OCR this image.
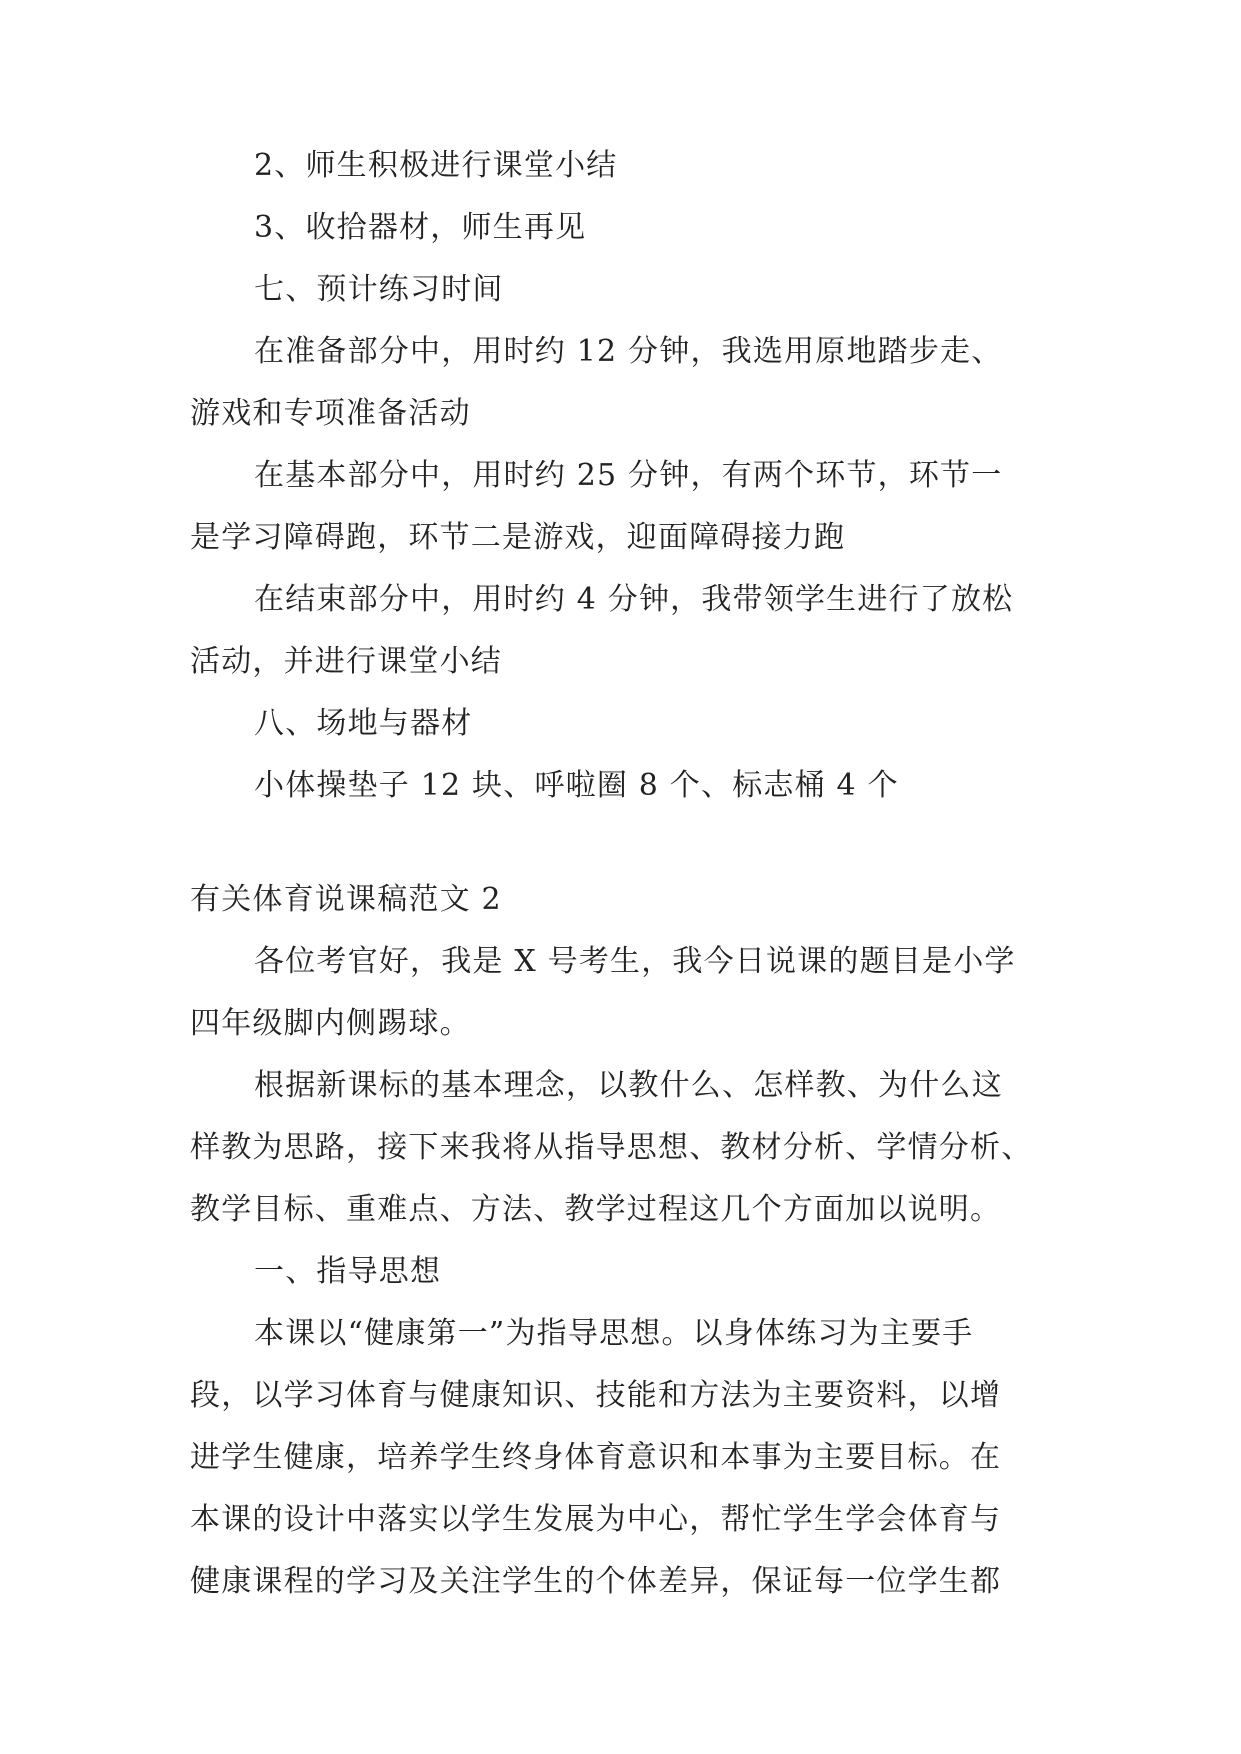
2、师生积极进行课堂小结
3、收拾器材，师生再见
七、预计练习时间
在准备部分中，用时约 12 分钟，我选用原地踏步走、
游戏和专项准备活动
在基本部分中，用时约 25 分钟，有两个环节，环节一
是学习障碍跑，环节二是游戏，迎面障碍接力跑
在结束部分中，用时约 4 分钟，我带领学生进行了放松
活动，并进行课堂小结
八、场地与器材
小体操垫子 12 块、呼啦圈 8 个、标志桶 4 个
有关体育说课稿范文 2
各位考官好，我是 X 号考生，我今日说课的题目是小学
四年级脚内侧踢球。
根据新课标的基本理念，以教什么、怎样教、为什么这
样教为思路，接下来我将从指导思想、教材分析、学情分析、
教学目标、重难点、方法、教学过程这几个方面加以说明。
一、指导思想
本课以“健康第一”为指导思想。以身体练习为主要手
段，以学习体育与健康知识、技能和方法为主要资料，以增
进学生健康，培养学生终身体育意识和本事为主要目标。在
本课的设计中落实以学生发展为中心，帮忙学生学会体育与
健康课程的学习及关注学生的个体差异，保证每一位学生都
